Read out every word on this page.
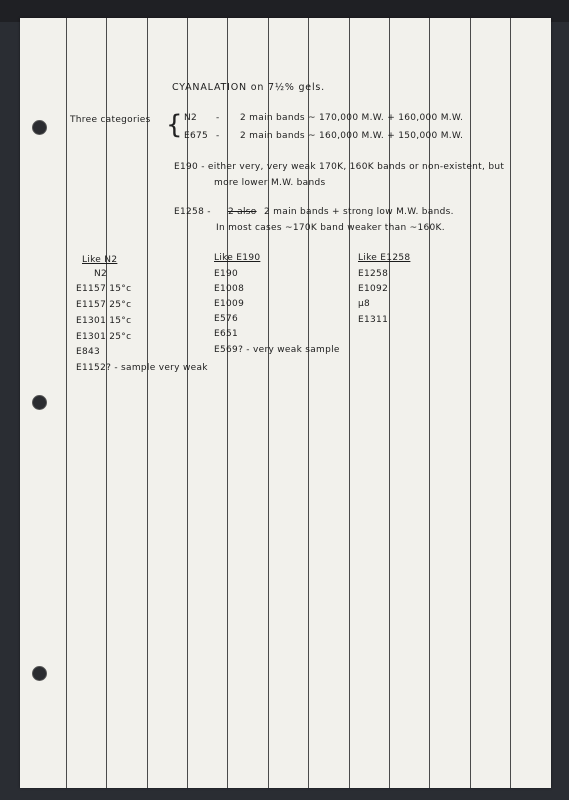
CYANALATION on 7½% gels.
Three categories { N2 - 2 main bands ~ 170,000 M.W. + 160,000 M.W.
E675 - 2 main bands ~ 160,000 M.W. + 150,000 M.W.
E190 - either very, very weak 170K, 160K bands or non-existent, but
more lower M.W. bands
E1258 - 2 also 2 main bands + strong low M.W. bands.
In most cases ~170K band weaker than ~160K.
Like N2
N2
E1157 15°c
E1157 25°c
E1301 15°c
E1301 25°c
E843
E1152? - sample very weak
Like E190
E190
E1008
E1009
E576
E651
E569? - very weak sample
Like E1258
E1258
E1092
μ8
E1311
